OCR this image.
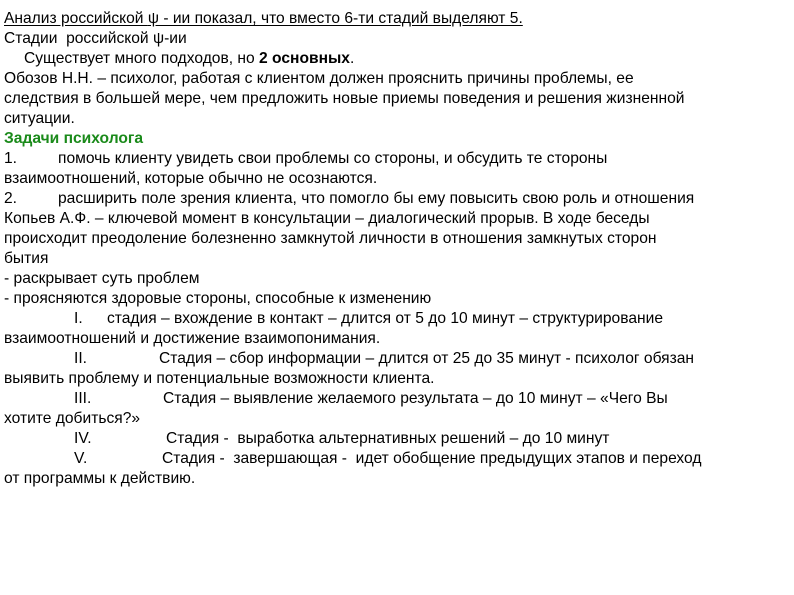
Анализ российской ψ - ии показал, что вместо 6-ти стадий выделяют 5.
Стадии  российской ψ-ии
Существует много подходов, но 2 основных.
Обозов Н.Н. – психолог, работая с клиентом должен прояснить причины проблемы, ее
следствия в большей мере, чем предложить новые приемы поведения и решения жизненной
ситуации.
Задачи психолога
1.	помочь клиенту увидеть свои проблемы со стороны, и обсудить те стороны
взаимоотношений, которые обычно не осознаются.
2.	расширить поле зрения клиента, что помогло бы ему повысить свою роль и отношения
Копьев А.Ф. – ключевой момент в консультации – диалогический прорыв. В ходе беседы
происходит преодоление болезненно замкнутой личности в отношения замкнутых сторон
бытия
- раскрывает суть проблем
- проясняются здоровые стороны, способные к изменению
I. стадия – вхождение в контакт – длится от 5 до 10 минут – структурирование
взаимоотношений и достижение взаимопонимания.
II.	Стадия – сбор информации – длится от 25 до 35 минут - психолог обязан
выявить проблему и потенциальные возможности клиента.
III.	Стадия – выявление желаемого результата – до 10 минут – «Чего Вы
хотите добиться?»
IV.	Стадия -  выработка альтернативных решений – до 10 минут
V.	Стадия -  завершающая -  идет обобщение предыдущих этапов и переход
от программы к действию.
